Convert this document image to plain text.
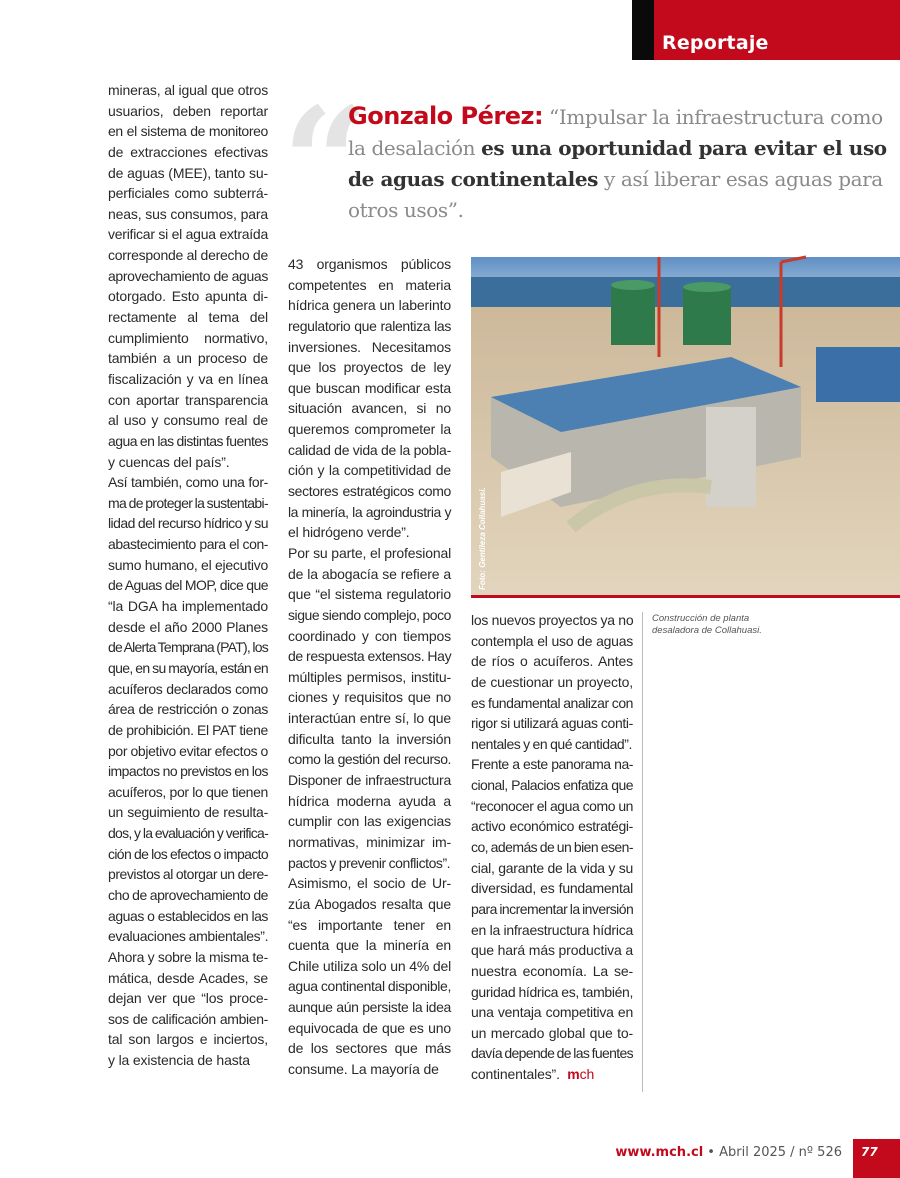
Reportaje
“
Gonzalo Pérez: “Impulsar la infraestructura como la desalación es una oportunidad para evitar el uso de aguas continentales y así liberar esas aguas para otros usos”.
mineras, al igual que otros
usuarios, deben reportar
en el sistema de monitoreo
de extracciones efectivas
de aguas (MEE), tanto su-
perficiales como subterrá-
neas, sus consumos, para
verificar si el agua extraída
corresponde al derecho de
aprovechamiento de aguas
otorgado. Esto apunta di-
rectamente al tema del
cumplimiento normativo,
también a un proceso de
fiscalización y va en línea
con aportar transparencia
al uso y consumo real de
agua en las distintas fuentes
y cuencas del país”.
Así también, como una for-
ma de proteger la sustentabi-
lidad del recurso hídrico y su
abastecimiento para el con-
sumo humano, el ejecutivo
de Aguas del MOP, dice que
“la DGA ha implementado
desde el año 2000 Planes
de Alerta Temprana (PAT), los
que, en su mayoría, están en
acuíferos declarados como
área de restricción o zonas
de prohibición. El PAT tiene
por objetivo evitar efectos o
impactos no previstos en los
acuíferos, por lo que tienen
un seguimiento de resulta-
dos, y la evaluación y verifica-
ción de los efectos o impacto
previstos al otorgar un dere-
cho de aprovechamiento de
aguas o establecidos en las
evaluaciones ambientales”.
Ahora y sobre la misma te-
mática, desde Acades, se
dejan ver que “los proce-
sos de calificación ambien-
tal son largos e inciertos,
y la existencia de hasta
43 organismos públicos
competentes en materia
hídrica genera un laberinto
regulatorio que ralentiza las
inversiones. Necesitamos
que los proyectos de ley
que buscan modificar esta
situación avancen, si no
queremos comprometer la
calidad de vida de la pobla-
ción y la competitividad de
sectores estratégicos como
la minería, la agroindustria y
el hidrógeno verde”.
Por su parte, el profesional
de la abogacía se refiere a
que “el sistema regulatorio
sigue siendo complejo, poco
coordinado y con tiempos
de respuesta extensos. Hay
múltiples permisos, institu-
ciones y requisitos que no
interactúan entre sí, lo que
dificulta tanto la inversión
como la gestión del recurso.
Disponer de infraestructura
hídrica moderna ayuda a
cumplir con las exigencias
normativas, minimizar im-
pactos y prevenir conflictos”.
Asimismo, el socio de Ur-
zúa Abogados resalta que
“es importante tener en
cuenta que la minería en
Chile utiliza solo un 4% del
agua continental disponible,
aunque aún persiste la idea
equivocada de que es uno
de los sectores que más
consume. La mayoría de
los nuevos proyectos ya no
contempla el uso de aguas
de ríos o acuíferos. Antes
de cuestionar un proyecto,
es fundamental analizar con
rigor si utilizará aguas conti-
nentales y en qué cantidad”.
Frente a este panorama na-
cional, Palacios enfatiza que
“reconocer el agua como un
activo económico estratégi-
co, además de un bien esen-
cial, garante de la vida y su
diversidad, es fundamental
para incrementar la inversión
en la infraestructura hídrica
que hará más productiva a
nuestra economía. La se-
guridad hídrica es, también,
una ventaja competitiva en
un mercado global que to-
davía depende de las fuentes
continentales”. mch
Foto: Gentileza Collahuasi.
Construcción de planta desaladora de Collahuasi.
www.mch.cl • Abril 2025 / nº 526	77
